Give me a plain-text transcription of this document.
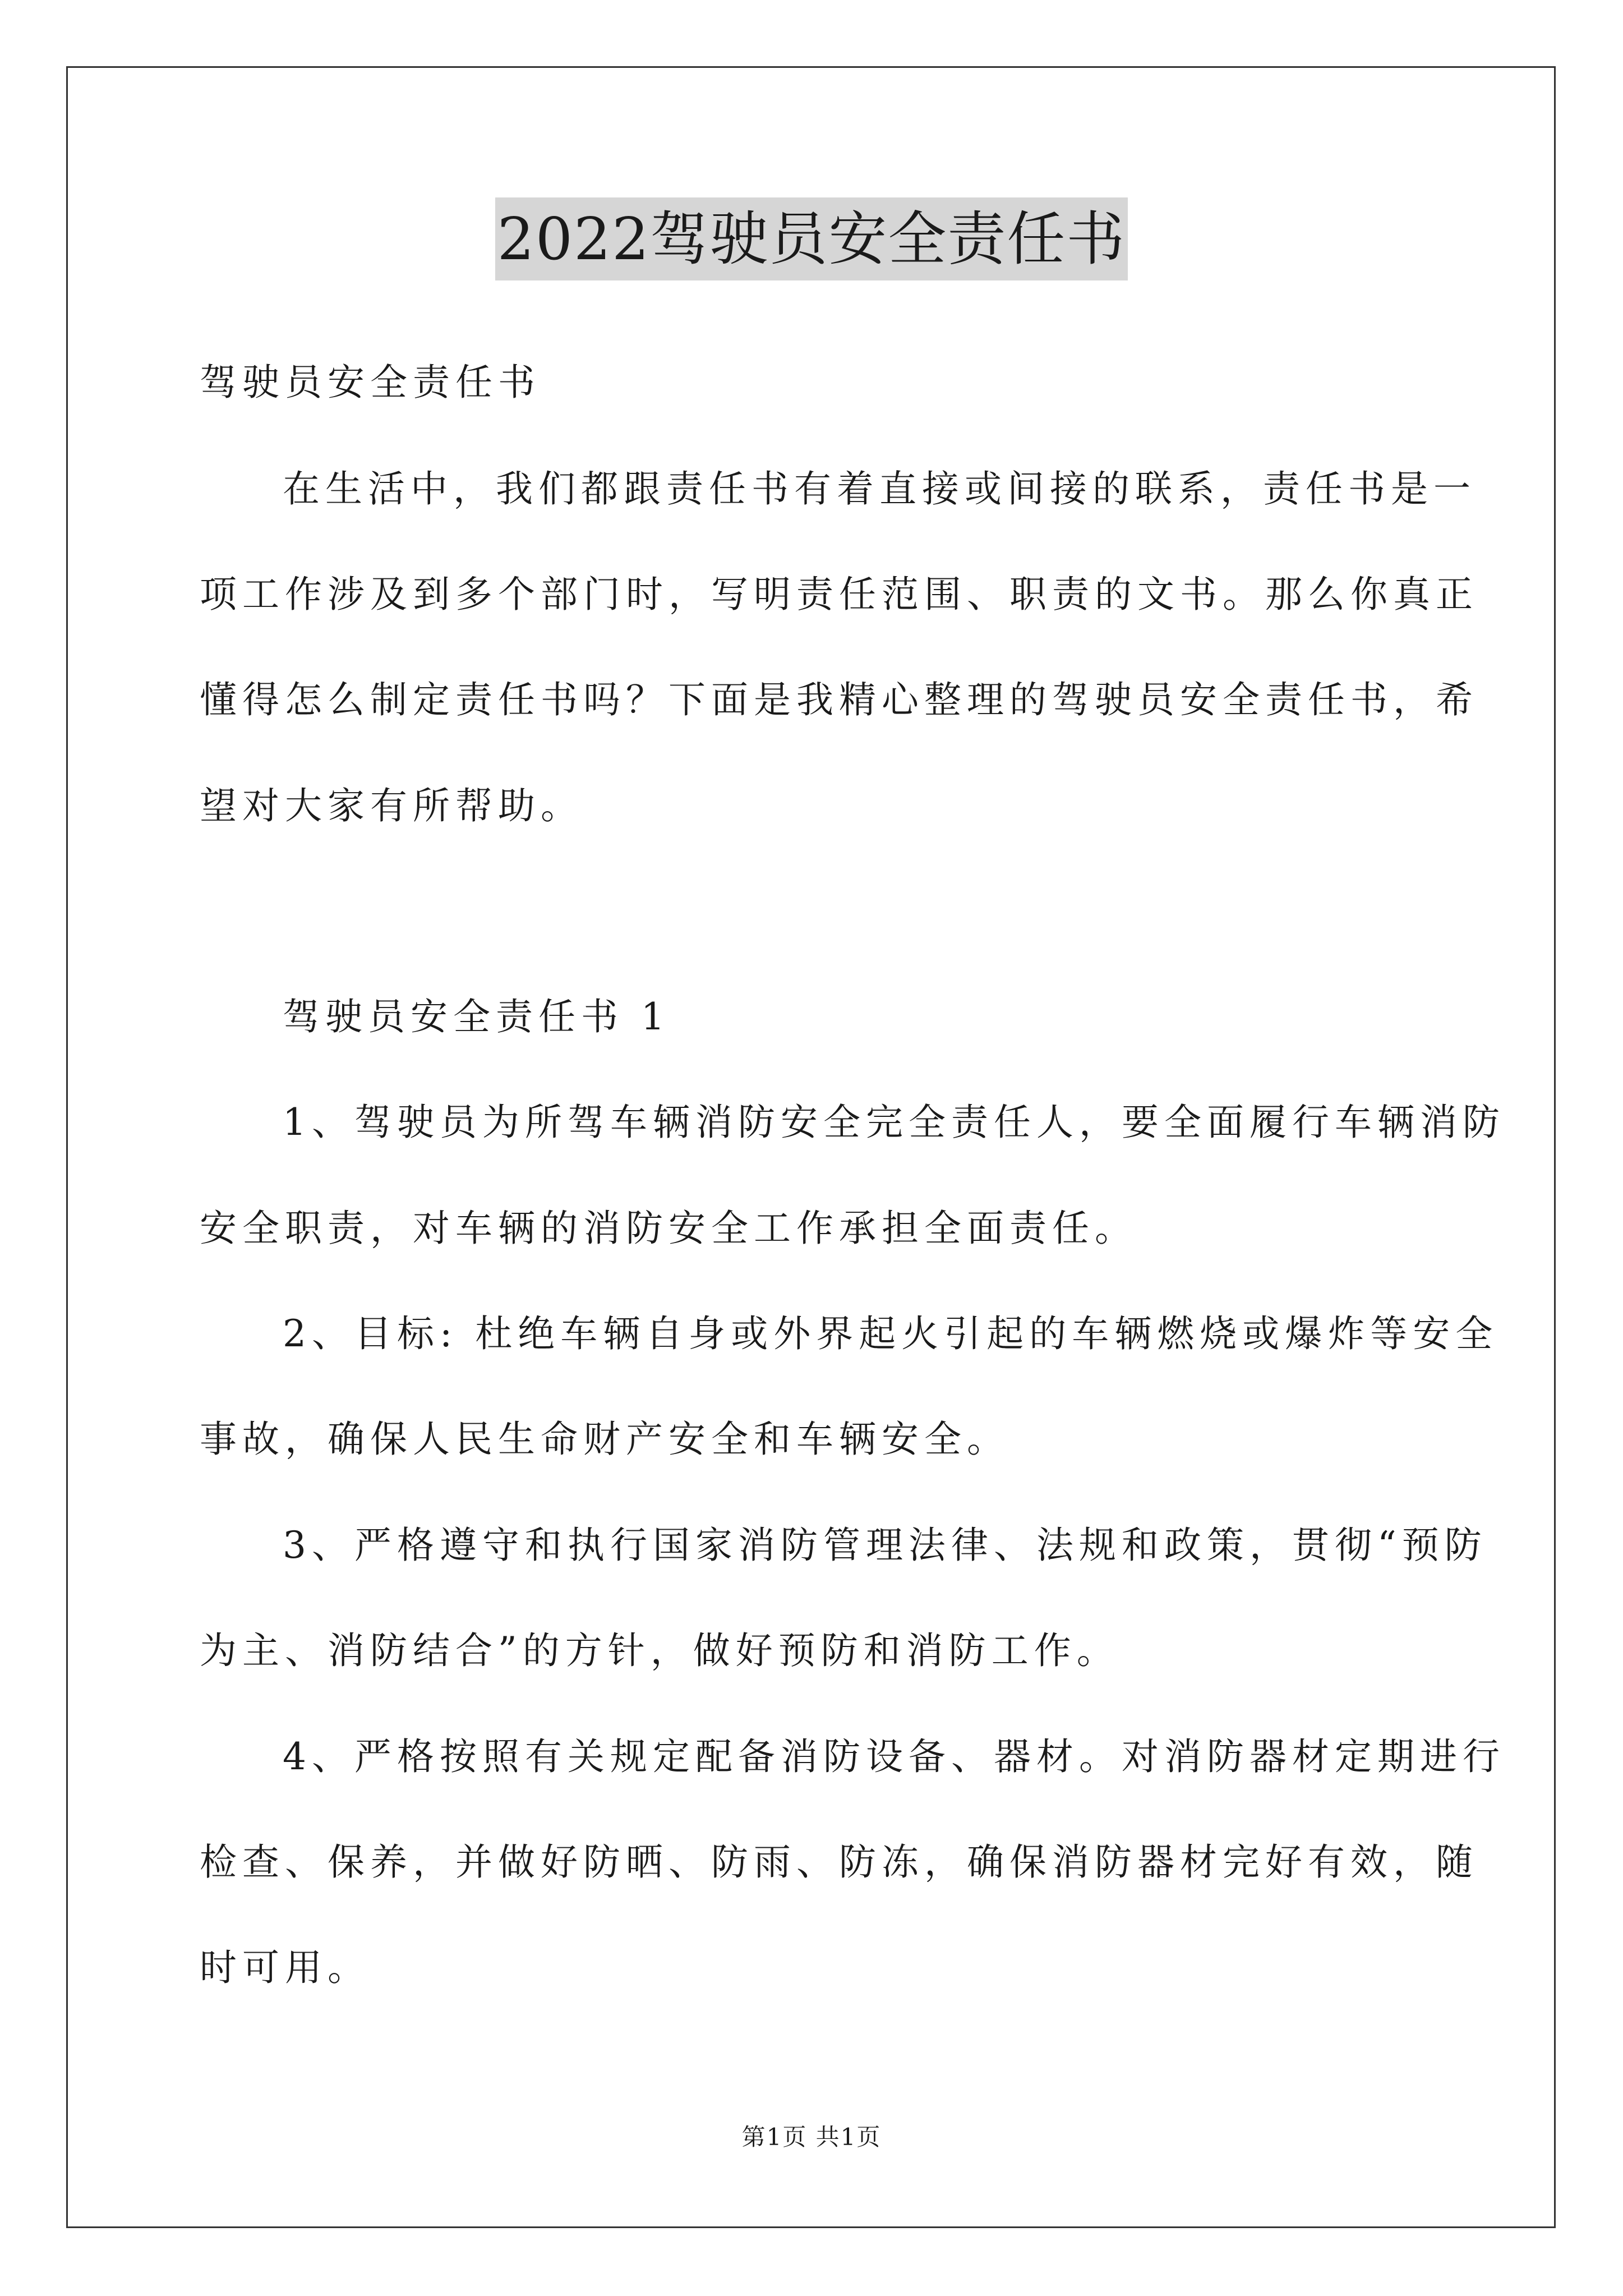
2022驾驶员安全责任书
驾驶员安全责任书
在生活中，我们都跟责任书有着直接或间接的联系，责任书是一
项工作涉及到多个部门时，写明责任范围、职责的文书。那么你真正
懂得怎么制定责任书吗？下面是我精心整理的驾驶员安全责任书，希
望对大家有所帮助。
驾驶员安全责任书 1
1、驾驶员为所驾车辆消防安全完全责任人，要全面履行车辆消防
安全职责，对车辆的消防安全工作承担全面责任。
2、目标: 杜绝车辆自身或外界起火引起的车辆燃烧或爆炸等安全
事故，确保人民生命财产安全和车辆安全。
3、严格遵守和执行国家消防管理法律、法规和政策，贯彻“预防
为主、消防结合”的方针，做好预防和消防工作。
4、严格按照有关规定配备消防设备、器材。对消防器材定期进行
检查、保养，并做好防晒、防雨、防冻，确保消防器材完好有效，随
时可用。
第1页 共1页
